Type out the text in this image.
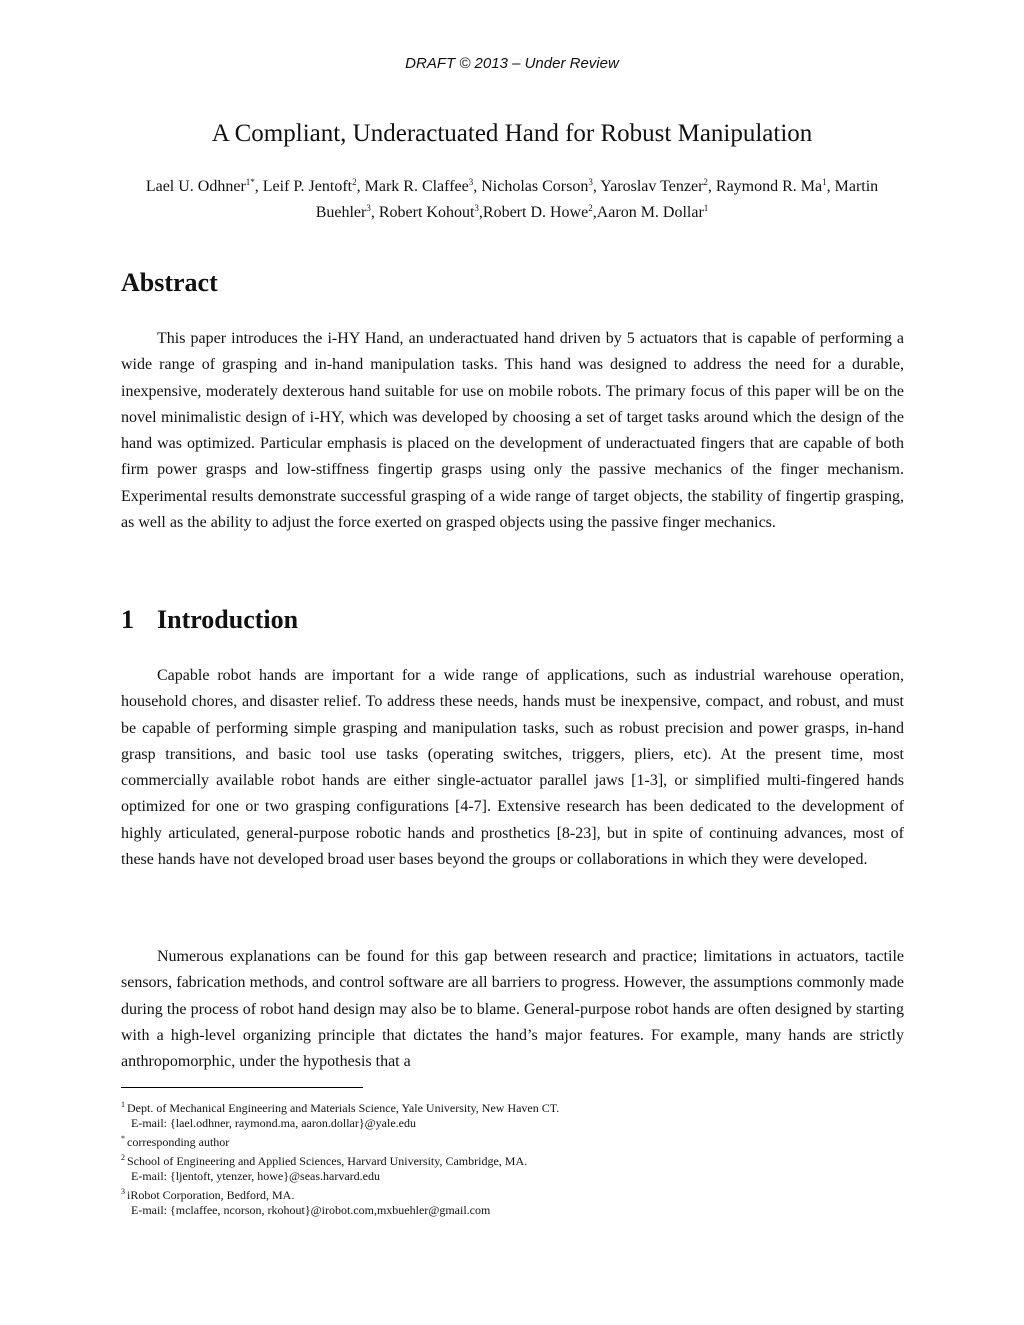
DRAFT © 2013 – Under Review
A Compliant, Underactuated Hand for Robust Manipulation
Lael U. Odhner$^{1*}$, Leif P. Jentoft$^2$, Mark R. Claffee$^3$, Nicholas Corson$^3$, Yaroslav Tenzer$^2$, Raymond R. Ma$^1$, Martin Buehler$^3$, Robert Kohout$^3$,Robert D. Howe$^2$,Aaron M. Dollar$^1$
Abstract

This paper introduces the i-HY Hand, an underactuated hand driven by 5 actuators that is capable of performing a wide range of grasping and in-hand manipulation tasks. This hand was designed to address the need for a durable, inexpensive, moderately dexterous hand suitable for use on mobile robots. The primary focus of this paper will be on the novel minimalistic design of i-HY, which was developed by choosing a set of target tasks around which the design of the hand was optimized. Particular emphasis is placed on the development of underactuated fingers that are capable of both firm power grasps and low-stiffness fingertip grasps using only the passive mechanics of the finger mechanism. Experimental results demonstrate successful grasping of a wide range of target objects, the stability of fingertip grasping, as well as the ability to adjust the force exerted on grasped objects using the passive finger mechanics.

1 Introduction

Capable robot hands are important for a wide range of applications, such as industrial warehouse operation, household chores, and disaster relief. To address these needs, hands must be inexpensive, compact, and robust, and must be capable of performing simple grasping and manipulation tasks, such as robust precision and power grasps, in-hand grasp transitions, and basic tool use tasks (operating switches, triggers, pliers, etc). At the present time, most commercially available robot hands are either single-actuator parallel jaws [1-3], or simplified multi-fingered hands optimized for one or two grasping configurations [4-7]. Extensive research has been dedicated to the development of highly articulated, general-purpose robotic hands and prosthetics [8-23], but in spite of continuing advances, most of these hands have not developed broad user bases beyond the groups or collaborations in which they were developed.

Numerous explanations can be found for this gap between research and practice; limitations in actuators, tactile sensors, fabrication methods, and control software are all barriers to progress. However, the assumptions commonly made during the process of robot hand design may also be to blame. General-purpose robot hands are often designed by starting with a high-level organizing principle that dictates the hand’s major features. For example, many hands are strictly anthropomorphic, under the hypothesis that a

$^1$ Dept. of Mechanical Engineering and Materials Science, Yale University, New Haven CT.
E-mail: {lael.odhner, raymond.ma, aaron.dollar}@yale.edu
* corresponding author
$^2$ School of Engineering and Applied Sciences, Harvard University, Cambridge, MA.
E-mail: {ljentoft, ytenzer, howe}@seas.harvard.edu
$^3$ iRobot Corporation, Bedford, MA.
E-mail: {mclaffee, ncorson, rkohout}@irobot.com,mxbuehler@gmail.com
